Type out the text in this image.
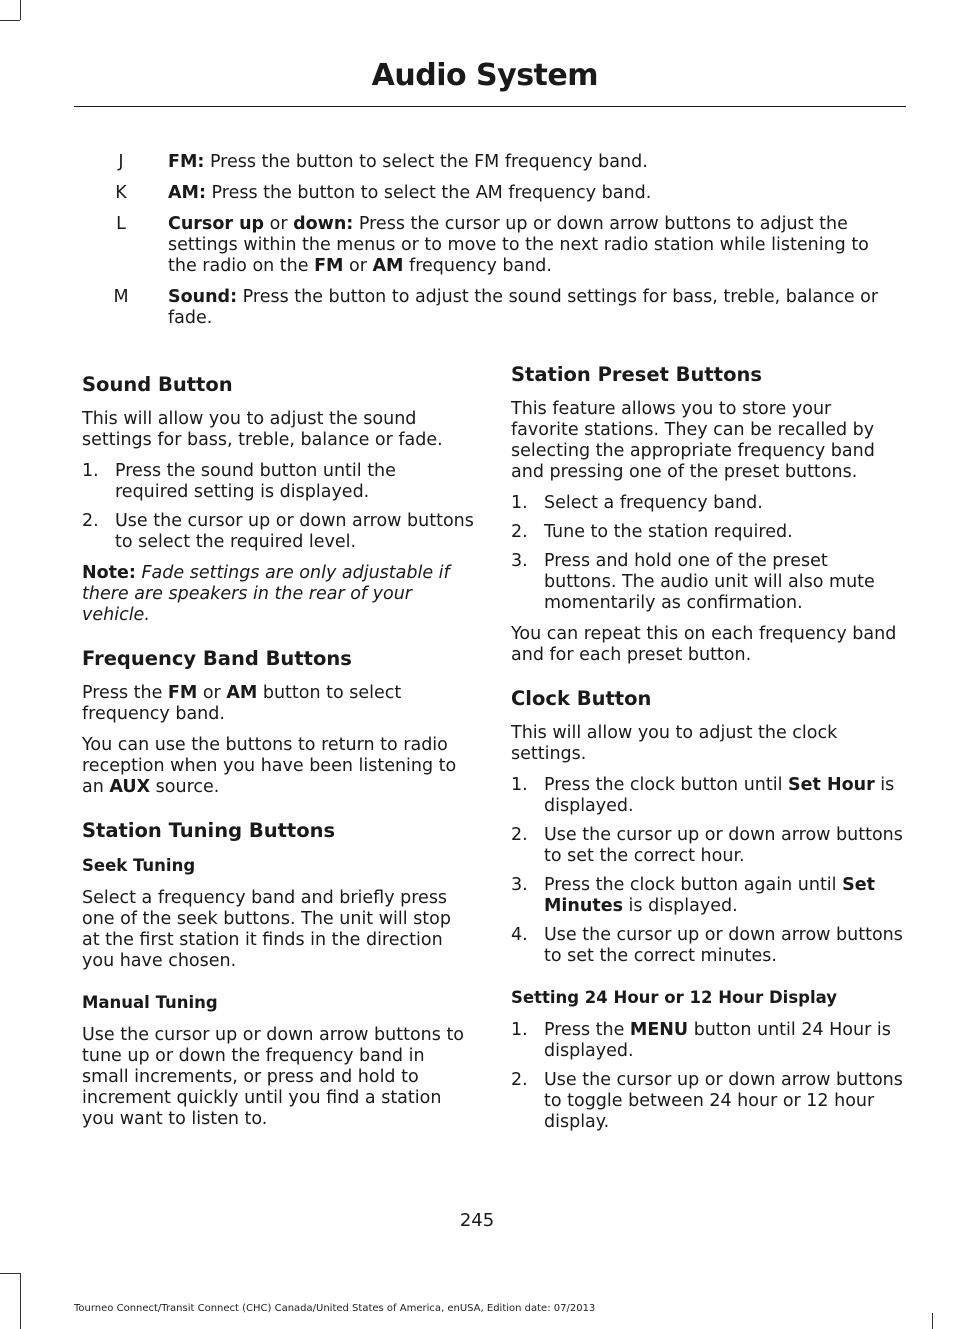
Audio System
J	FM: Press the button to select the FM frequency band.
K	AM: Press the button to select the AM frequency band.
L	Cursor up or down: Press the cursor up or down arrow buttons to adjust the settings within the menus or to move to the next radio station while listening to the radio on the FM or AM frequency band.
M Sound: Press the button to adjust the sound settings for bass, treble, balance or fade.
Sound Button

This will allow you to adjust the sound settings for bass, treble, balance or fade.

1. Press the sound button until the required setting is displayed.
2. Use the cursor up or down arrow buttons to select the required level.

Note: Fade settings are only adjustable if there are speakers in the rear of your vehicle.

Frequency Band Buttons

Press the FM or AM button to select frequency band.

You can use the buttons to return to radio reception when you have been listening to an AUX source.

Station Tuning Buttons
Seek Tuning

Select a frequency band and briefly press one of the seek buttons. The unit will stop at the first station it finds in the direction you have chosen.

Manual Tuning

Use the cursor up or down arrow buttons to tune up or down the frequency band in small increments, or press and hold to increment quickly until you find a station you want to listen to.

Station Preset Buttons

This feature allows you to store your favorite stations. They can be recalled by selecting the appropriate frequency band and pressing one of the preset buttons.

1. Select a frequency band.
2. Tune to the station required.
3. Press and hold one of the preset buttons. The audio unit will also mute momentarily as confirmation.

You can repeat this on each frequency band and for each preset button.

Clock Button

This will allow you to adjust the clock settings.

1. Press the clock button until Set Hour is displayed.
2. Use the cursor up or down arrow buttons to set the correct hour.
3. Press the clock button again until Set Minutes is displayed.
4. Use the cursor up or down arrow buttons to set the correct minutes.
Setting 24 Hour or 12 Hour Display
1. Press the MENU button until 24 Hour is displayed.
2. Use the cursor up or down arrow buttons to toggle between 24 hour or 12 hour display.
245
Tourneo Connect/Transit Connect (CHC) Canada/United States of America, enUSA, Edition date: 07/2013
